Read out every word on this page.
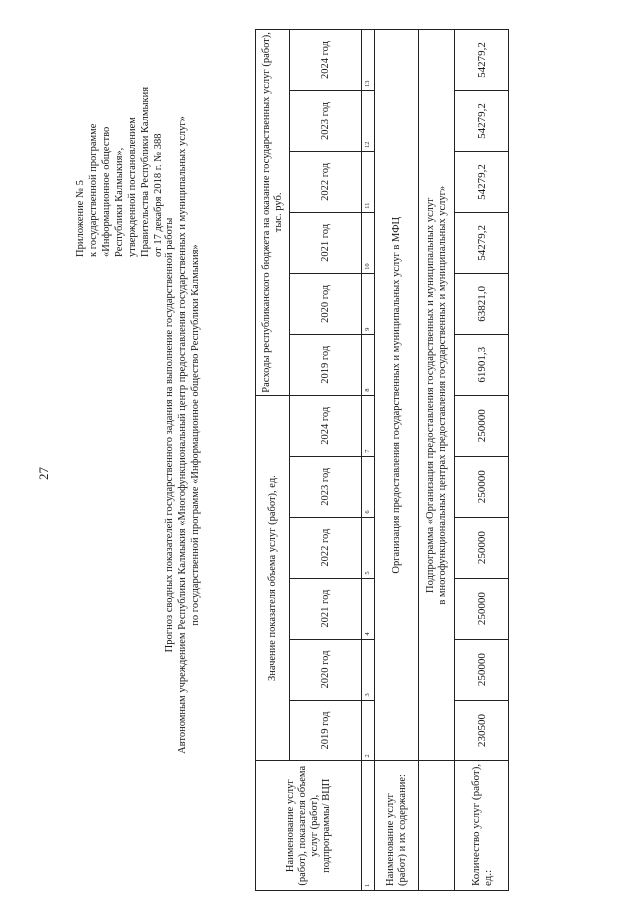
27
Приложение № 5 к государственной программе «Информационное общество Республики Калмыкия», утвержденной постановлением Правительства Республики Калмыкия от 17 декабря 2018 г. № 388
Прогноз сводных показателей государственного задания на выполнение государственной работы Автономным учреждением Республики Калмыкия «Многофункциональный центр предоставления государственных и муниципальных услуг» по государственной программе «Информационное общество Республики Калмыкия»
Наименование услуг (работ), показателя объема услуг (работ), подпрограммы/ ВЦП	Значение показателя объема услуг (работ), ед.						Расходы республиканского бюджета на оказание государственных услуг (работ), тыс. руб.					
	2019 год	2020 год	2021 год	2022 год	2023 год	2024 год	2019 год	2020 год	2021 год	2022 год	2023 год	2024 год
1	2	3	4	5	6	7	8	9	10	11	12	13
Наименование услуг (работ) и их содержание:	Организация предоставления государственных и муниципальных услуг в МФЦ											

	Подпрограмма «Организация предоставления государственных и муниципальных услуг в многофункциональных центрах предоставления государственных и муниципальных услуг»											

Количество услуг (работ), ед.:	230500	250000	250000	250000	250000	250000	61901,3	63821,0	54279,2	54279,2	54279,2	54279,2
